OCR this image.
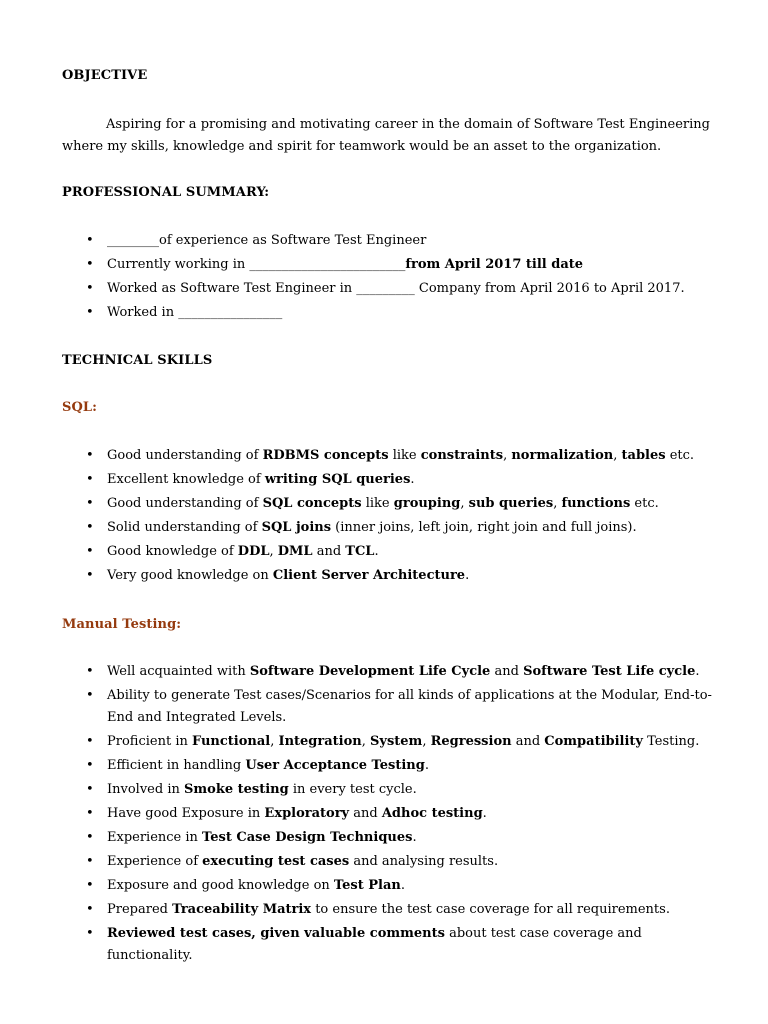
OBJECTIVE

Aspiring for a promising and motivating career in the domain of Software Test Engineering where my skills, knowledge and spirit for teamwork would be an asset to the organization.

PROFESSIONAL SUMMARY:
• ________of experience as Software Test Engineer
• Currently working in ________________________from April 2017 till date
• Worked as Software Test Engineer in _________ Company from April 2016 to April 2017.
• Worked in ________________
TECHNICAL SKILLS
SQL:
• Good understanding of RDBMS concepts like constraints, normalization, tables etc.
• Excellent knowledge of writing SQL queries.
• Good understanding of SQL concepts like grouping, sub queries, functions etc.
• Solid understanding of SQL joins (inner joins, left join, right join and full joins).
• Good knowledge of DDL, DML and TCL.
• Very good knowledge on Client Server Architecture.
Manual Testing:
• Well acquainted with Software Development Life Cycle and Software Test Life cycle.
• Ability to generate Test cases/Scenarios for all kinds of applications at the Modular, End-to-End and Integrated Levels.
• Proficient in Functional, Integration, System, Regression and Compatibility Testing.
• Efficient in handling User Acceptance Testing.
• Involved in Smoke testing in every test cycle.
• Have good Exposure in Exploratory and Adhoc testing.
• Experience in Test Case Design Techniques.
• Experience of executing test cases and analysing results.
• Exposure and good knowledge on Test Plan.
• Prepared Traceability Matrix to ensure the test case coverage for all requirements.
• Reviewed test cases, given valuable comments about test case coverage and functionality.
